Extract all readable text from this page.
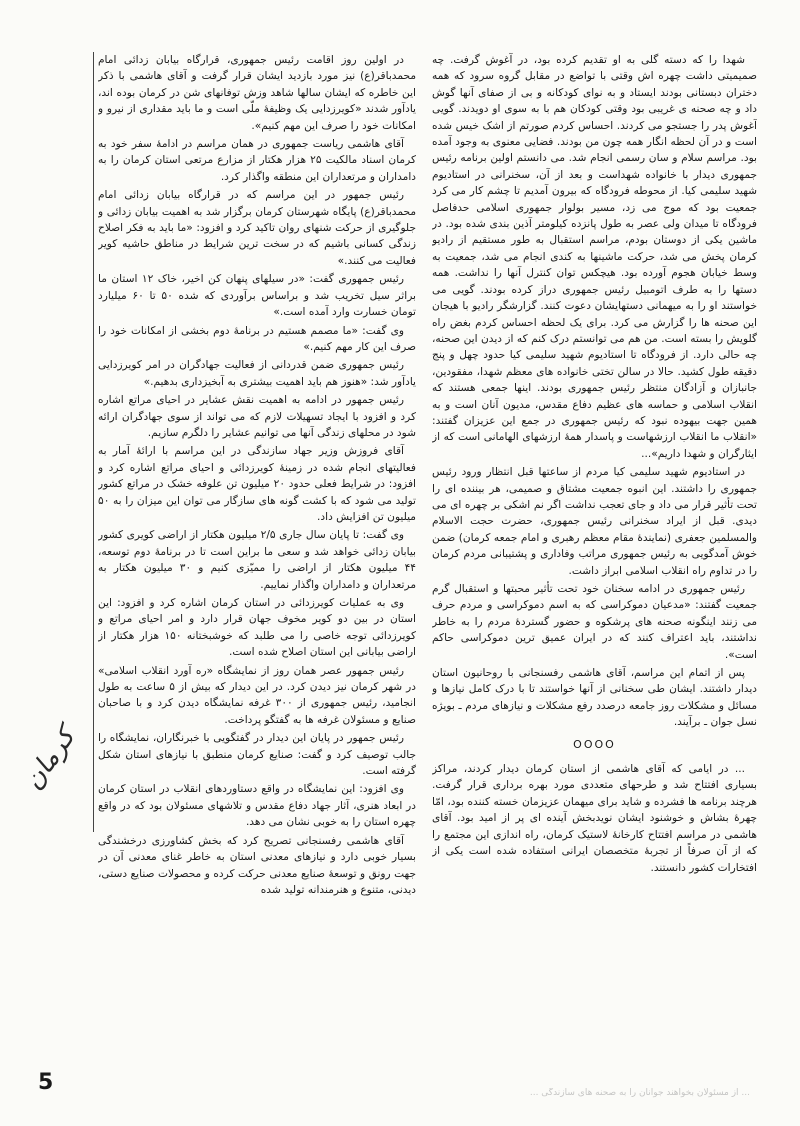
شهدا را که دسته گلی به او تقدیم کرده بود، در آغوش گرفت. چه صمیمیتی داشت چهره اش وقتی با تواضع در مقابل گروه سرود که همه دختران دبستانی بودند ایستاد و به نوای کودکانه و بی از صفای آنها گوش داد و چه صحنه ی غریبی بود وقتی کودکان هم با به سوی او دویدند. گویی آغوش پدر را جستجو می کردند. احساس کردم صورتم از اشک خیس شده است و در آن لحظه انگار همه چون من بودند. فضایی معنوی به وجود آمده بود. مراسم سلام و سان رسمی انجام شد. می دانستم اولین برنامه رئیس جمهوری دیدار با خانواده شهداست و بعد از آن، سخنرانی در استادیوم شهید سلیمی کیا. از محوطه فرودگاه که بیرون آمدیم تا چشم کار می کرد جمعیت بود که موج می زد، مسیر بولوار جمهوری اسلامی حدفاصل فرودگاه تا میدان ولی عصر به طول پانزده کیلومتر آذین بندی شده بود. در ماشین یکی از دوستان بودم، مراسم استقبال به طور مستقیم از رادیو کرمان پخش می شد، حرکت ماشینها به کندی انجام می شد، جمعیت به وسط خیابان هجوم آورده بود. هیچکس توان کنترل آنها را نداشت. همه دستها را به طرف اتومبیل رئیس جمهوری دراز کرده بودند. گویی می خواستند او را به میهمانی دستهایشان دعوت کنند. گزارشگر رادیو با هیجان این صحنه ها را گزارش می کرد. برای یک لحظه احساس کردم بغض راه گلویش را بسته است. من هم می توانستم درک کنم که از دیدن این صحنه، چه حالی دارد. از فرودگاه تا استادیوم شهید سلیمی کیا حدود چهل و پنج دقیقه طول کشید. حالا در سالن تختی خانواده های معظم شهدا، مفقودین، جانبازان و آزادگان منتظر رئیس جمهوری بودند. اینها جمعی هستند که انقلاب اسلامی و حماسه های عظیم دفاع مقدس، مدیون آنان است و به همین جهت بیهوده نبود که رئیس جمهوری در جمع این عزیزان گفتند: «انقلاب ما انقلاب ارزشهاست و پاسدار همهٔ ارزشهای الهامانی است که از ایثارگران و شهدا داریم»...

در استادیوم شهید سلیمی کیا مردم از ساعتها قبل انتظار ورود رئیس جمهوری را داشتند. این انبوه جمعیت مشتاق و صمیمی، هر بیننده ای را تحت تأثیر قرار می داد و جای تعجب نداشت اگر نم اشکی بر چهره ای می دیدی. قبل از ایراد سخنرانی رئیس جمهوری، حضرت حجت الاسلام والمسلمین جعفری (نمایندهٔ مقام معظم رهبری و امام جمعه کرمان) ضمن خوش آمدگویی به رئیس جمهوری مراتب وفاداری و پشتیبانی مردم کرمان را در تداوم راه انقلاب اسلامی ابراز داشت.

رئیس جمهوری در ادامه سخنان خود تحت تأثیر محبتها و استقبال گرم جمعیت گفتند: «مدعیان دموکراسی که به اسم دموکراسی و مردم حرف می زنند اینگونه صحنه های پرشکوه و حضور گستردهٔ مردم را به خاطر نداشتند، باید اعتراف کنند که در ایران عمیق ترین دموکراسی حاکم است».

پس از اتمام این مراسم، آقای هاشمی رفسنجانی با روحانیون استان دیدار داشتند. ایشان طی سخنانی از آنها خواستند تا با درک کامل نیازها و مسائل و مشکلات روز جامعه درصدد رفع مشکلات و نیازهای مردم ـ بویژه نسل جوان ـ برآیند.

OOOO

... در ایامی که آقای هاشمی از استان کرمان دیدار کردند، مراکز بسیاری افتتاح شد و طرحهای متعددی مورد بهره برداری قرار گرفت. هرچند برنامه ها فشرده و شاید برای میهمان عزیزمان خسته کننده بود، امّا چهرهٔ بشاش و خوشنود ایشان نویدبخش آینده ای پر از امید بود. آقای هاشمی در مراسم افتتاح کارخانهٔ لاستیک کرمان، راه اندازی این مجتمع را که از آن صرفاً از تجربهٔ متخصصان ایرانی استفاده شده است یکی از افتخارات کشور دانستند.

در اولین روز اقامت رئیس جمهوری، قرارگاه بیابان زدائی امام محمدباقر(ع) نیز مورد بازدید ایشان قرار گرفت و آقای هاشمی با ذکر این خاطره که ایشان سالها شاهد وزش توفانهای شن در کرمان بوده اند، یادآور شدند «کویرزدایی یک وظیفهٔ ملّی است و ما باید مقداری از نیرو و امکانات خود را صرف این مهم کنیم».

آقای هاشمی ریاست جمهوری در همان مراسم در ادامهٔ سفر خود به کرمان اسناد مالکیت ۲۵ هزار هکتار از مزارع مرتعی استان کرمان را به دامداران و مرتعداران این منطقه واگذار کرد.

رئیس جمهور در این مراسم که در قرارگاه بیابان زدائی امام محمدباقر(ع) پایگاه شهرستان کرمان برگزار شد به اهمیت بیابان زدائی و جلوگیری از حرکت شنهای روان تاکید کرد و افزود: «ما باید به فکر اصلاح زندگی کسانی باشیم که در سخت ترین شرایط در مناطق حاشیه کویر فعالیت می کنند.»

رئیس جمهوری گفت: «در سیلهای پنهان کن اخیر، خاک ۱۲ استان ما براثر سیل تخریب شد و براساس برآوردی که شده ۵۰ تا ۶۰ میلیارد تومان خسارت وارد آمده است.»

وی گفت: «ما مصمم هستیم در برنامهٔ دوم بخشی از امکانات خود را صرف این کار مهم کنیم.»

رئیس جمهوری ضمن قدردانی از فعالیت جهادگران در امر کویرزدایی یادآور شد: «هنوز هم باید اهمیت بیشتری به آبخیزداری بدهیم.»

رئیس جمهور در ادامه به اهمیت نقش عشایر در احیای مراتع اشاره کرد و افزود با ایجاد تسهیلات لازم که می تواند از سوی جهادگران ارائه شود در محلهای زندگی آنها می توانیم عشایر را دلگرم سازیم.

آقای فروزش وزیر جهاد سازندگی در این مراسم با ارائهٔ آمار به فعالیتهای انجام شده در زمینهٔ کویرزدائی و احیای مراتع اشاره کرد و افزود: در شرایط فعلی حدود ۲۰ میلیون تن علوفه خشک در مراتع کشور تولید می شود که با کشت گونه های سازگار می توان این میزان را به ۵۰ میلیون تن افزایش داد.

وی گفت: تا پایان سال جاری ۲/۵ میلیون هکتار از اراضی کویری کشور بیابان زدائی خواهد شد و سعی ما براین است تا در برنامهٔ دوم توسعه، ۴۴ میلیون هکتار از اراضی را ممیّزی کنیم و ۳۰ میلیون هکتار به مرتعداران و دامداران واگذار نماییم.

وی به عملیات کویرزدائی در استان کرمان اشاره کرد و افزود: این استان در بین دو کویر مخوف جهان قرار دارد و امر احیای مراتع و کویرزدائی توجه خاصی را می طلبد که خوشبختانه ۱۵۰ هزار هکتار از اراضی بیابانی این استان اصلاح شده است.

رئیس جمهور عصر همان روز از نمایشگاه «ره آورد انقلاب اسلامی» در شهر کرمان نیز دیدن کرد. در این دیدار که بیش از ۵ ساعت به طول انجامید، رئیس جمهوری از ۳۰۰ غرفه نمایشگاه دیدن کرد و با صاحبان صنایع و مسئولان غرفه ها به گفتگو پرداخت.

رئیس جمهور در پایان این دیدار در گفتگویی با خبرنگاران، نمایشگاه را جالب توصیف کرد و گفت: صنایع کرمان منطبق با نیازهای استان شکل گرفته است.

وی افزود: این نمایشگاه در واقع دستاوردهای انقلاب در استان کرمان در ابعاد هنری، آثار جهاد دفاع مقدس و تلاشهای مسئولان بود که در واقع چهره استان را به خوبی نشان می دهد.

آقای هاشمی رفسنجانی تصریح کرد که بخش کشاورزی درخشندگی بسیار خوبی دارد و نیازهای معدنی استان به خاطر غنای معدنی آن در جهت رونق و توسعهٔ صنایع معدنی حرکت کرده و محصولات صنایع دستی، دیدنی، متنوع و هنرمندانه تولید شده

کرمان
5	... از مسئولان بخواهند جوانان را به صحنه های سازندگی ...
